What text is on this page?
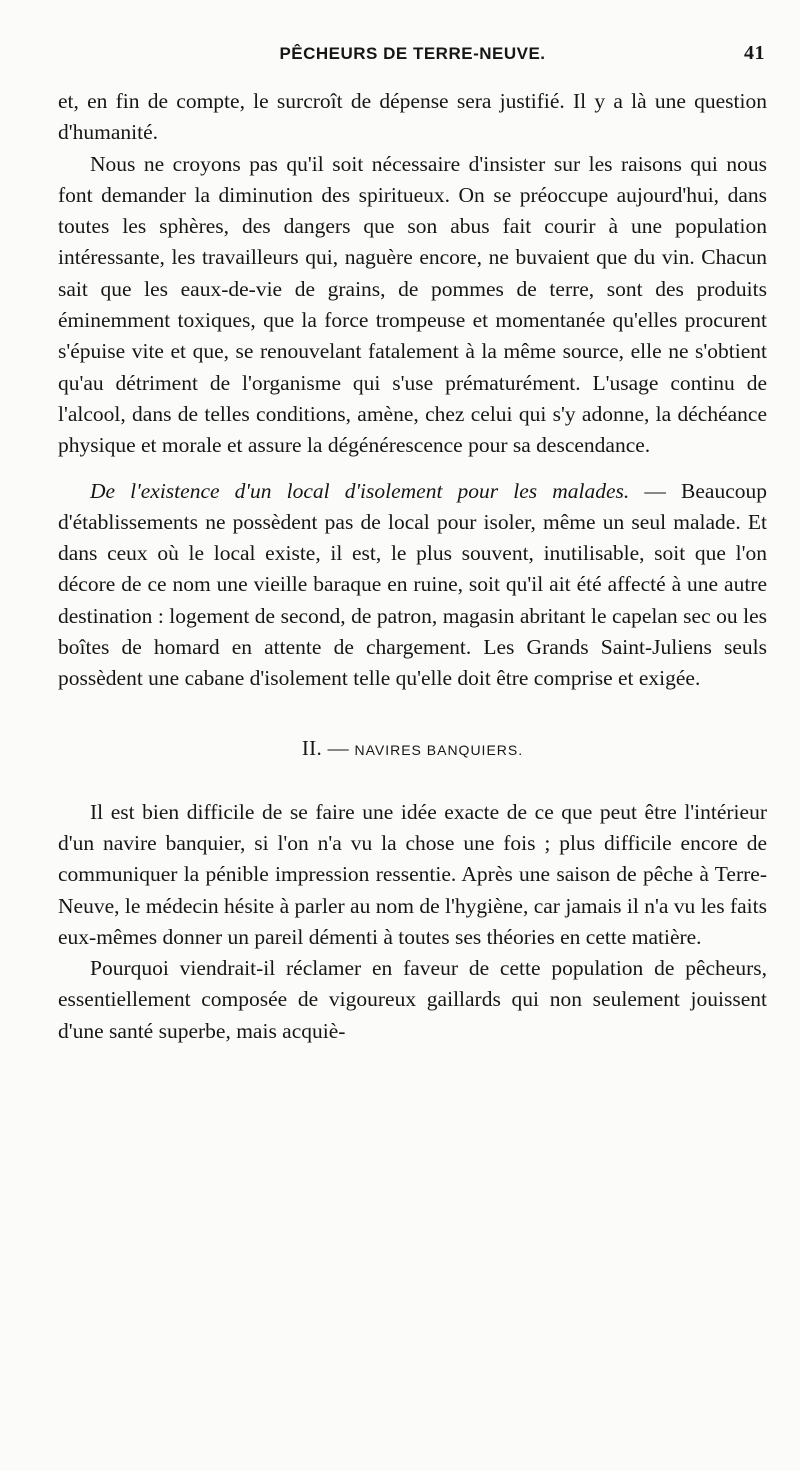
PÊCHEURS DE TERRE-NEUVE.	41

et, en fin de compte, le surcroît de dépense sera justifié. Il y a là une question d'humanité.

Nous ne croyons pas qu'il soit nécessaire d'insister sur les raisons qui nous font demander la diminution des spiritueux. On se préoccupe aujourd'hui, dans toutes les sphères, des dangers que son abus fait courir à une population intéressante, les travailleurs qui, naguère encore, ne buvaient que du vin. Chacun sait que les eaux-de-vie de grains, de pommes de terre, sont des produits éminemment toxiques, que la force trompeuse et momentanée qu'elles procurent s'épuise vite et que, se renouvelant fatalement à la même source, elle ne s'obtient qu'au détriment de l'organisme qui s'use prématurément. L'usage continu de l'alcool, dans de telles conditions, amène, chez celui qui s'y adonne, la déchéance physique et morale et assure la dégénérescence pour sa descendance.

De l'existence d'un local d'isolement pour les malades. — Beaucoup d'établissements ne possèdent pas de local pour isoler, même un seul malade. Et dans ceux où le local existe, il est, le plus souvent, inutilisable, soit que l'on décore de ce nom une vieille baraque en ruine, soit qu'il ait été affecté à une autre destination : logement de second, de patron, magasin abritant le capelan sec ou les boîtes de homard en attente de chargement. Les Grands Saint-Juliens seuls possèdent une cabane d'isolement telle qu'elle doit être comprise et exigée.

II. — NAVIRES BANQUIERS.

Il est bien difficile de se faire une idée exacte de ce que peut être l'intérieur d'un navire banquier, si l'on n'a vu la chose une fois ; plus difficile encore de communiquer la pénible impression ressentie. Après une saison de pêche à Terre-Neuve, le médecin hésite à parler au nom de l'hygiène, car jamais il n'a vu les faits eux-mêmes donner un pareil démenti à toutes ses théories en cette matière.

Pourquoi viendrait-il réclamer en faveur de cette population de pêcheurs, essentiellement composée de vigoureux gaillards qui non seulement jouissent d'une santé superbe, mais acquiè-
